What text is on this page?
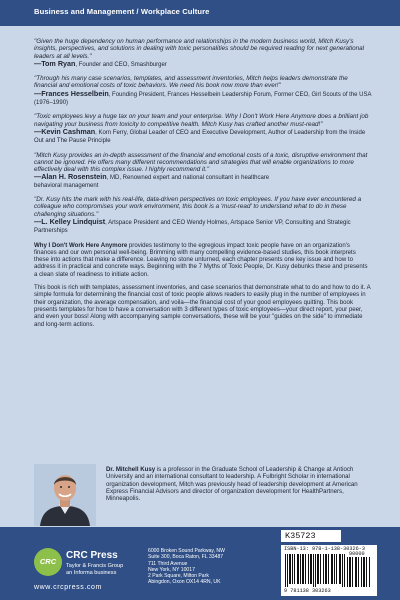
Business and Management / Workplace Culture
"Given the huge dependency on human performance and relationships in the modern business world, Mitch Kusy's insights, perspectives, and solutions in dealing with toxic personalities should be required reading for next generational leaders at all levels."
—Tom Ryan, Founder and CEO, Smashburger
"Through his many case scenarios, templates, and assessment inventories, Mitch helps leaders demonstrate the financial and emotional costs of toxic behaviors. We need his book now more than ever!"
—Frances Hesselbein, Founding President, Frances Hesselbein Leadership Forum, Former CEO, Girl Scouts of the USA (1976–1990)
"Toxic employees levy a huge tax on your team and your enterprise. Why I Don't Work Here Anymore does a brilliant job navigating your business from toxicity to competitive health. Mitch Kusy has crafted another must-read!"
—Kevin Cashman, Korn Ferry, Global Leader of CEO and Executive Development, Author of Leadership from the Inside Out and The Pause Principle
"Mitch Kusy provides an in-depth assessment of the financial and emotional costs of a toxic, disruptive environment that cannot be ignored. He offers many different recommendations and strategies that will enable organizations to more effectively deal with this complex issue. I highly recommend it."
—Alan H. Rosenstein, MD, Renowned expert and national consultant in healthcare
behavioral management
"Dr. Kusy hits the mark with his real-life, data-driven perspectives on toxic employees. If you have ever encountered a colleague who compromises your work environment, this book is a 'must-read' to understand what to do in these challenging situations."
—L. Kelley Lindquist, Artspace President and CEO Wendy Holmes, Artspace Senior VP, Consulting and Strategic Partnerships

Why I Don't Work Here Anymore provides testimony to the egregious impact toxic people have on an organization's finances and our own personal well-being. Brimming with many compelling evidence-based studies, this book interprets these into actions that make a difference. Leaving no stone unturned, each chapter presents one key issue and how to address it in practical and concrete ways. Beginning with the 7 Myths of Toxic People, Dr. Kusy debunks these and presents a clean slate of readiness to initiate action.

This book is rich with templates, assessment inventories, and case scenarios that demonstrate what to do and how to do it. A simple formula for determining the financial cost of toxic people allows readers to easily plug in the number of employees in their organization, the average compensation, and voila—the financial cost of your good employees quitting. This book presents templates for how to have a conversation with 3 different types of toxic employees—your direct report, your peer, and even your boss! Along with accompanying sample conversations, these will be your "guides on the side" to immediate and long-term actions.

Dr. Mitchell Kusy is a professor in the Graduate School of Leadership & Change at Antioch University and an international consultant to leadership. A Fulbright Scholar in international organization development, Mitch was previously head of leadership development at American Express Financial Advisors and director of organization development for HealthPartners, Minneapolis.

K35723
CRC
CRC Press
Taylor & Francis Group
an Informa business
www.crcpress.com
6000 Broken Sound Parkway, NW
Suite 300, Boca Raton, FL 33487
711 Third Avenue
New York, NY 10017
2 Park Square, Milton Park
Abingdon, Oxon OX14 4RN, UK
ISBN-13: 978-1-138-30326-3
90000
9 781138 303263
